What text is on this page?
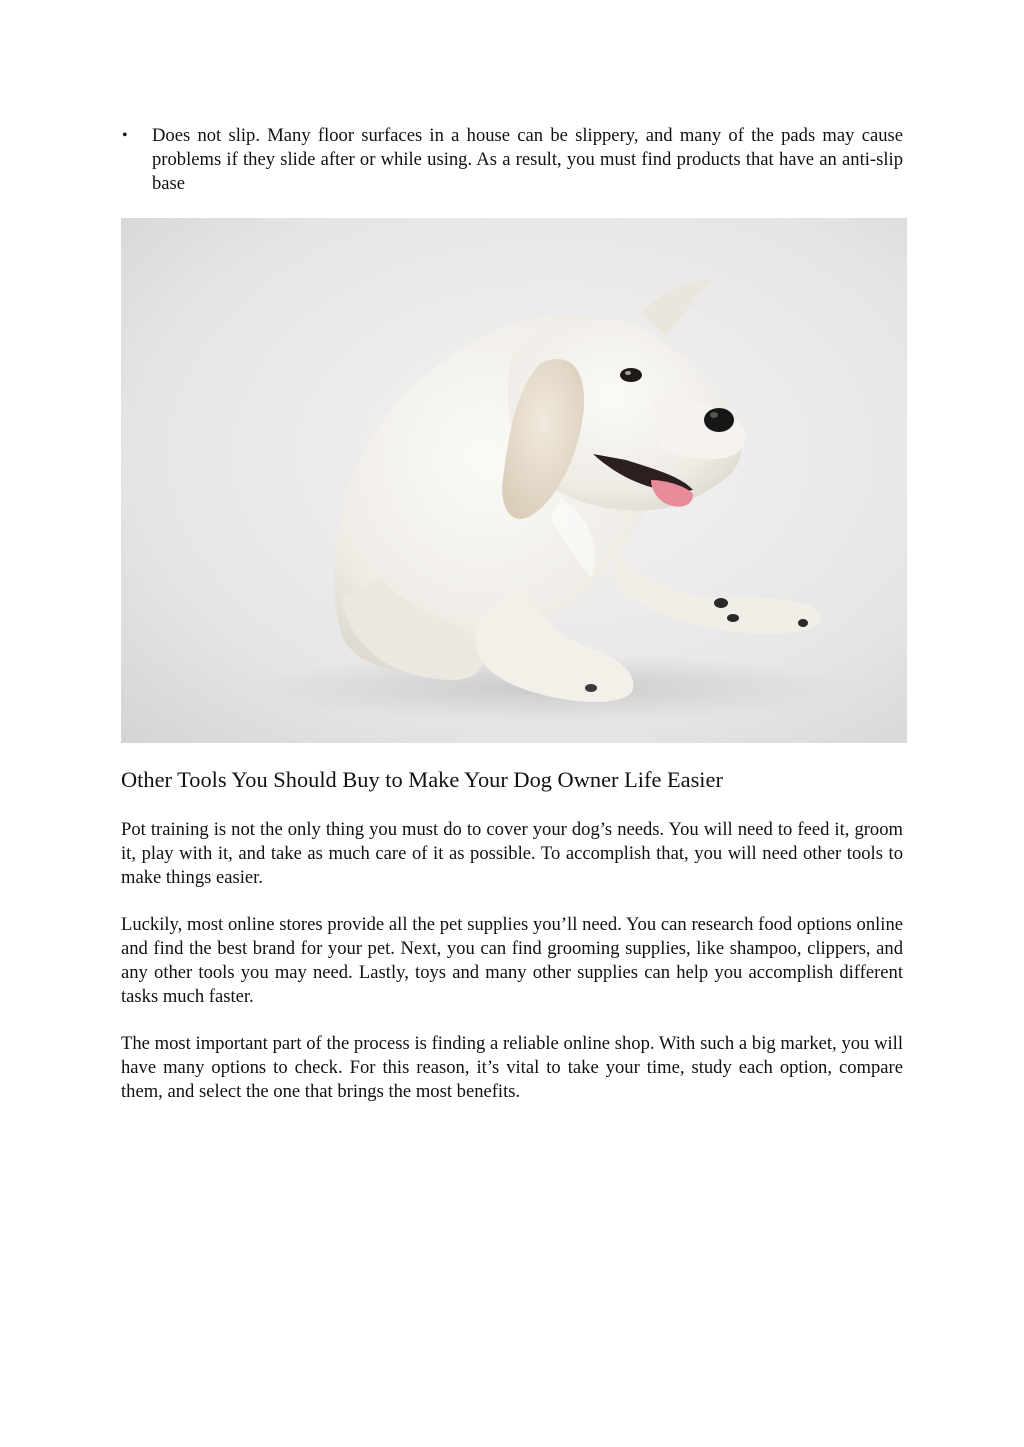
• Does not slip. Many floor surfaces in a house can be slippery, and many of the pads may cause problems if they slide after or while using. As a result, you must find products that have an anti-slip base
Other Tools You Should Buy to Make Your Dog Owner Life Easier

Pot training is not the only thing you must do to cover your dog’s needs. You will need to feed it, groom it, play with it, and take as much care of it as possible. To accomplish that, you will need other tools to make things easier.

Luckily, most online stores provide all the pet supplies you’ll need. You can research food options online and find the best brand for your pet. Next, you can find grooming supplies, like shampoo, clippers, and any other tools you may need. Lastly, toys and many other supplies can help you accomplish different tasks much faster.

The most important part of the process is finding a reliable online shop. With such a big market, you will have many options to check. For this reason, it’s vital to take your time, study each option, compare them, and select the one that brings the most benefits.
